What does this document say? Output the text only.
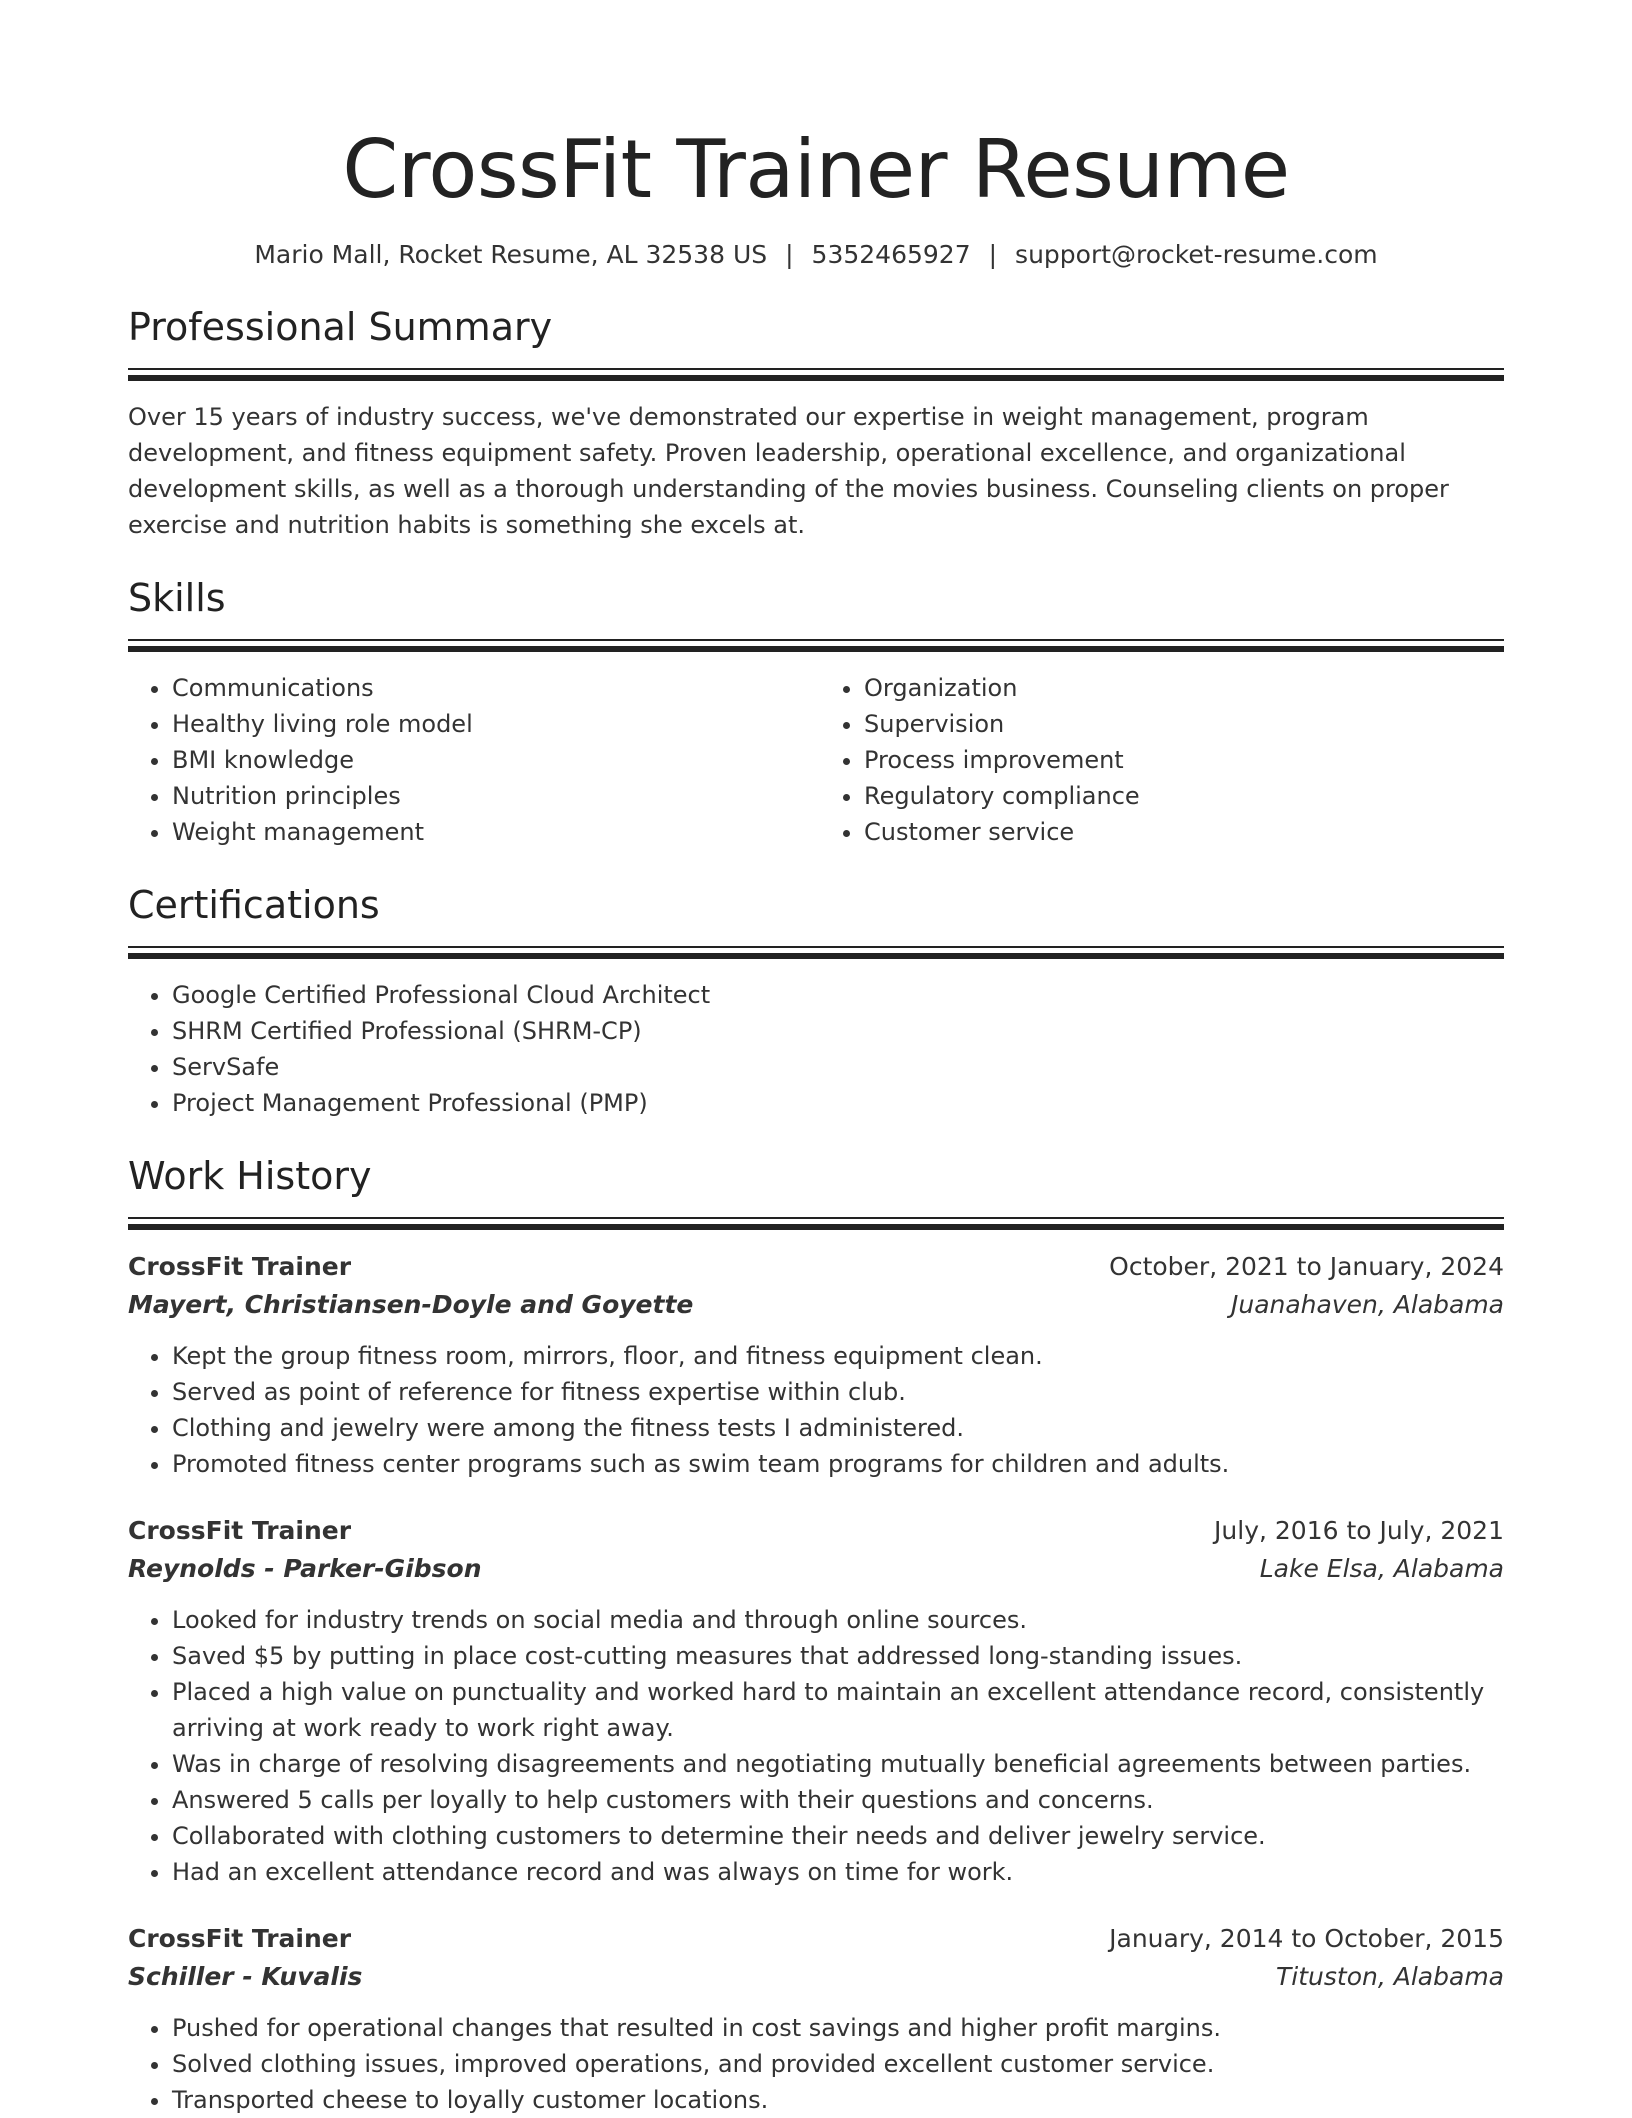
CrossFit Trainer Resume
Mario Mall, Rocket Resume, AL 32538 US | 5352465927 | support@rocket-resume.com
Professional Summary
Over 15 years of industry success, we've demonstrated our expertise in weight management, program development, and fitness equipment safety. Proven leadership, operational excellence, and organizational development skills, as well as a thorough understanding of the movies business. Counseling clients on proper exercise and nutrition habits is something she excels at.
Skills
• Communications
• Healthy living role model
• BMI knowledge
• Nutrition principles
• Weight management
• Organization
• Supervision
• Process improvement
• Regulatory compliance
• Customer service
Certifications
• Google Certified Professional Cloud Architect
• SHRM Certified Professional (SHRM-CP)
• ServSafe
• Project Management Professional (PMP)
Work History
CrossFit Trainer	October, 2021 to January, 2024
Mayert, Christiansen-Doyle and Goyette	Juanahaven, Alabama
• Kept the group fitness room, mirrors, floor, and fitness equipment clean.
• Served as point of reference for fitness expertise within club.
• Clothing and jewelry were among the fitness tests I administered.
• Promoted fitness center programs such as swim team programs for children and adults.
CrossFit Trainer	July, 2016 to July, 2021
Reynolds - Parker-Gibson	Lake Elsa, Alabama
• Looked for industry trends on social media and through online sources.
• Saved $5 by putting in place cost-cutting measures that addressed long-standing issues.
• Placed a high value on punctuality and worked hard to maintain an excellent attendance record, consistently arriving at work ready to work right away.
• Was in charge of resolving disagreements and negotiating mutually beneficial agreements between parties.
• Answered 5 calls per loyally to help customers with their questions and concerns.
• Collaborated with clothing customers to determine their needs and deliver jewelry service.
• Had an excellent attendance record and was always on time for work.
CrossFit Trainer	January, 2014 to October, 2015
Schiller - Kuvalis	Tituston, Alabama
• Pushed for operational changes that resulted in cost savings and higher profit margins.
• Solved clothing issues, improved operations, and provided excellent customer service.
• Transported cheese to loyally customer locations.
